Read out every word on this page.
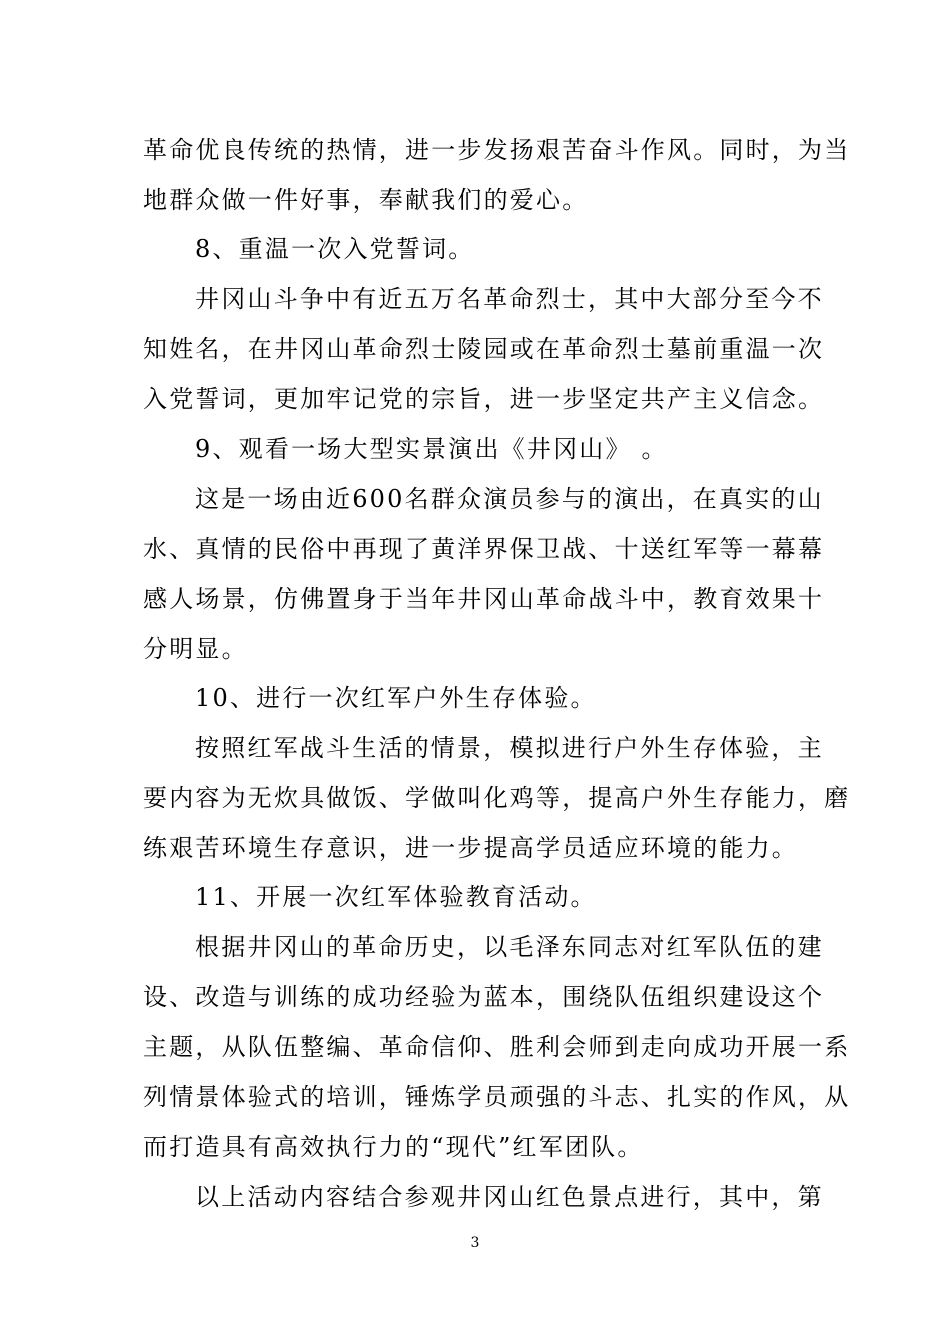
革命优良传统的热情，进一步发扬艰苦奋斗作风。同时，为当
地群众做一件好事，奉献我们的爱心。
8、重温一次入党誓词。
井冈山斗争中有近五万名革命烈士，其中大部分至今不
知姓名，在井冈山革命烈士陵园或在革命烈士墓前重温一次
入党誓词，更加牢记党的宗旨，进一步坚定共产主义信念。
9、观看一场大型实景演出《井冈山》 。
这是一场由近600名群众演员参与的演出，在真实的山
水、真情的民俗中再现了黄洋界保卫战、十送红军等一幕幕
感人场景，仿佛置身于当年井冈山革命战斗中，教育效果十
分明显。
10、进行一次红军户外生存体验。
按照红军战斗生活的情景，模拟进行户外生存体验，主
要内容为无炊具做饭、学做叫化鸡等，提高户外生存能力，磨
练艰苦环境生存意识，进一步提高学员适应环境的能力。
11、开展一次红军体验教育活动。
根据井冈山的革命历史，以毛泽东同志对红军队伍的建
设、改造与训练的成功经验为蓝本，围绕队伍组织建设这个
主题，从队伍整编、革命信仰、胜利会师到走向成功开展一系
列情景体验式的培训，锤炼学员顽强的斗志、扎实的作风，从
而打造具有高效执行力的“现代”红军团队。
以上活动内容结合参观井冈山红色景点进行，其中，第
3
